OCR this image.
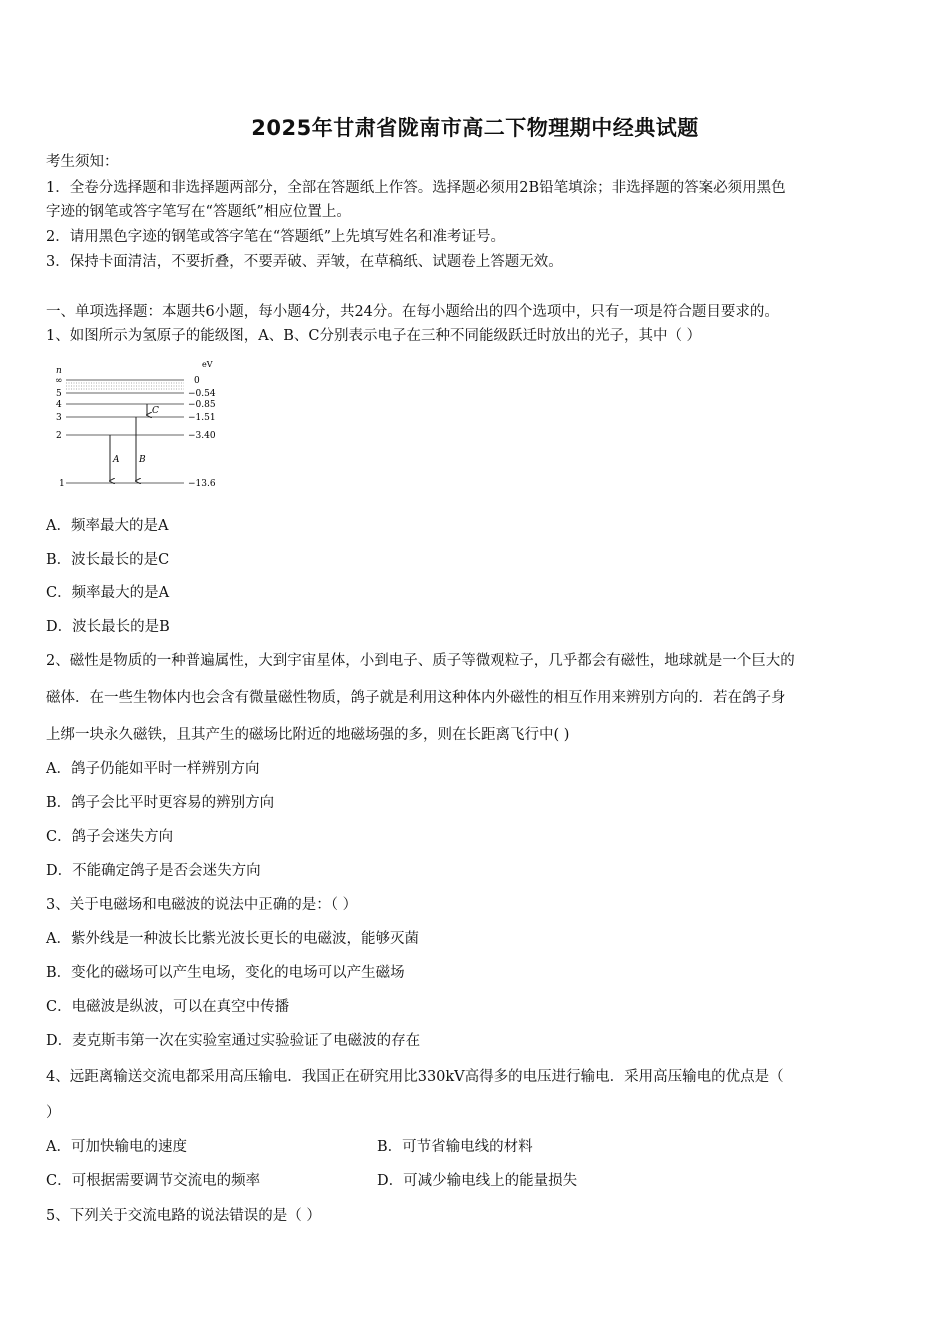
2025年甘肃省陇南市高二下物理期中经典试题
考生须知：
1．全卷分选择题和非选择题两部分，全部在答题纸上作答。选择题必须用2B铅笔填涂；非选择题的答案必须用黑色
字迹的钢笔或答字笔写在“答题纸”相应位置上。
2．请用黑色字迹的钢笔或答字笔在“答题纸”上先填写姓名和准考证号。
3．保持卡面清洁，不要折叠，不要弄破、弄皱，在草稿纸、试题卷上答题无效。
一、单项选择题：本题共6小题，每小题4分，共24分。在每小题给出的四个选项中，只有一项是符合题目要求的。
1、如图所示为氢原子的能级图，A、B、C分别表示电子在三种不同能级跃迁时放出的光子，其中（ ）
n
eV
∞
5
4
3
2
1
0
−0.54
−0.85
−1.51
−3.40
−13.6
A B
C
A．频率最大的是A
B．波长最长的是C
C．频率最大的是A
D．波长最长的是B
2、磁性是物质的一种普遍属性，大到宇宙星体，小到电子、质子等微观粒子，几乎都会有磁性，地球就是一个巨大的
磁体．在一些生物体内也会含有微量磁性物质，鸽子就是利用这种体内外磁性的相互作用来辨别方向的．若在鸽子身
上绑一块永久磁铁，且其产生的磁场比附近的地磁场强的多，则在长距离飞行中( )
A．鸽子仍能如平时一样辨别方向
B．鸽子会比平时更容易的辨别方向
C．鸽子会迷失方向
D．不能确定鸽子是否会迷失方向
3、关于电磁场和电磁波的说法中正确的是：（ ）
A．紫外线是一种波长比紫光波长更长的电磁波，能够灭菌
B．变化的磁场可以产生电场，变化的电场可以产生磁场
C．电磁波是纵波，可以在真空中传播
D．麦克斯韦第一次在实验室通过实验验证了电磁波的存在
4、远距离输送交流电都采用高压输电．我国正在研究用比330kV高得多的电压进行输电．采用高压输电的优点是（
）
A．可加快输电的速度	B．可节省输电线的材料
C．可根据需要调节交流电的频率	D．可减少输电线上的能量损失
5、下列关于交流电路的说法错误的是（ ）
